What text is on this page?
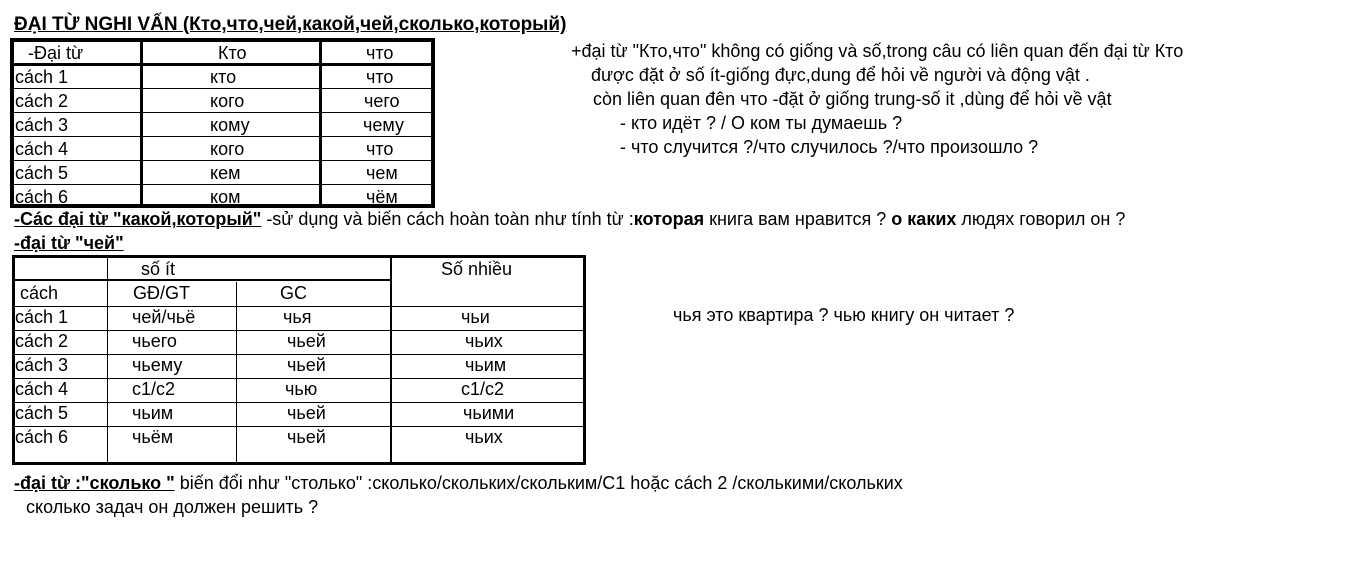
ĐẠI TỪ NGHI VẤN (Кто,что,чей,какой,чей,сколько,который)
-Đại từ	Кто	что
cách 1	кто	что
cách 2	кого	чего
cách 3	кому	чему
cách 4	кого	что
cách 5	кем	чем
cách 6	ком	чём
+đại từ "Кто,что" không có giống và số,trong câu có liên quan đến đại từ Кто
được đặt ở số ít-giống đực,dung để hỏi về người và động vật .
còn liên quan đên что -đặt ở giống trung-số it ,dùng để hỏi về vật
- кто идёт ? / О ком ты думаешь ?
- что случится ?/что случилось ?/что произошло ?
-Các đại từ "какой,который" -sử dụng và biến cách hoàn toàn như tính từ :которая книга вам нравится ? о каких людях говорил он ?
-đại từ "чей"
số ít	Số nhiều
cách	GĐ/GT	GC
cách 1	чей/чьё	чья	чьи
cách 2	чьего	чьей	чьих
cách 3	чьему	чьей	чьим
cách 4	с1/с2	чью	с1/с2
cách 5	чьим	чьей	чьими
cách 6	чьём	чьей	чьих
чья это квартира ? чью книгу он читает ?
-đại từ :"сколько " biến đổi như "столько" :сколько/скольких/скольким/С1 hoặc cách 2 /сколькими/скольких
сколько задач он должен решить ?
